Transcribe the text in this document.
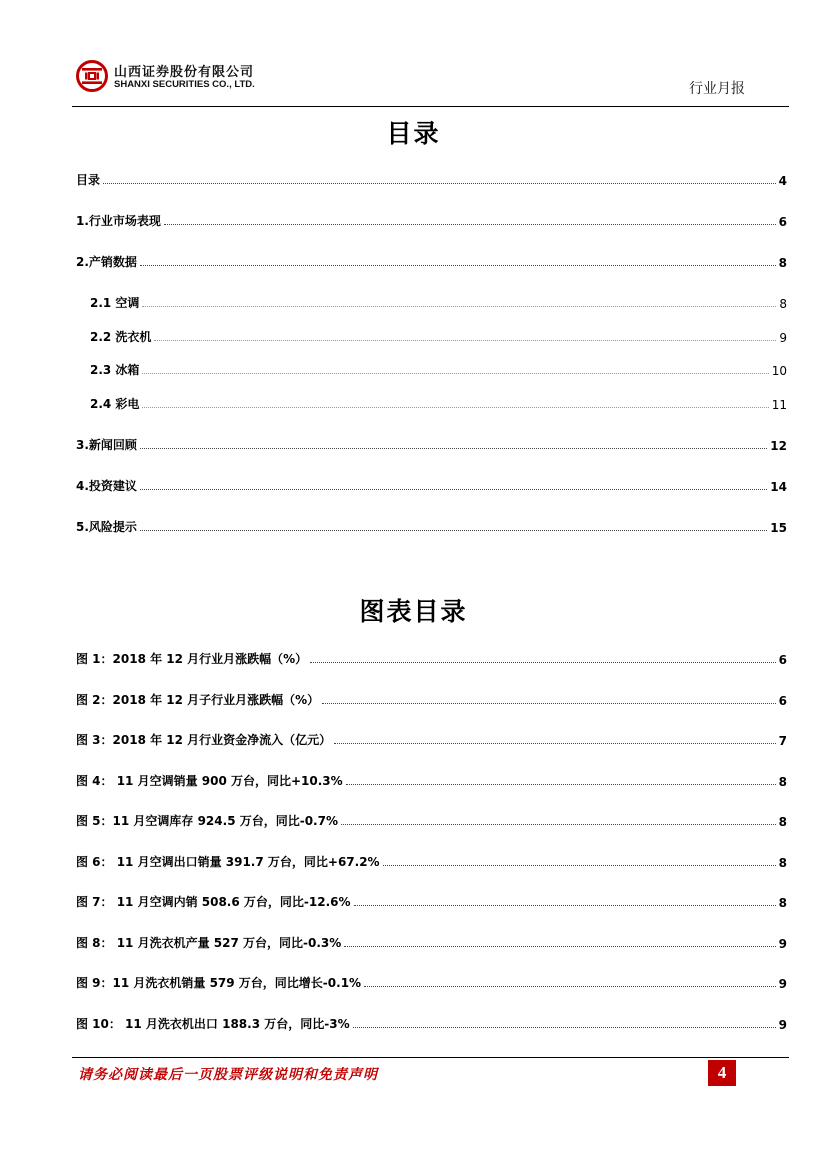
山西证券股份有限公司
SHANXI SECURITIES CO., LTD.	行业月报
目录
目录	4
1.行业市场表现	6
2.产销数据	8
2.1 空调	8
2.2 洗衣机	9
2.3 冰箱	10
2.4 彩电	11
3.新闻回顾	12
4.投资建议	14
5.风险提示	15
图表目录
图 1：2018 年 12 月行业月涨跌幅（%）	6
图 2：2018 年 12 月子行业月涨跌幅（%）	6
图 3：2018 年 12 月行业资金净流入（亿元）	7
图 4： 11 月空调销量 900 万台，同比+10.3%	8
图 5：11 月空调库存 924.5 万台，同比-0.7%	8
图 6： 11 月空调出口销量 391.7 万台，同比+67.2%	8
图 7： 11 月空调内销 508.6 万台，同比-12.6%	8
图 8： 11 月洗衣机产量 527 万台，同比-0.3%	9
图 9：11 月洗衣机销量 579 万台，同比增长-0.1%	9
图 10： 11 月洗衣机出口 188.3 万台，同比-3%	9
请务必阅读最后一页股票评级说明和免责声明	4
